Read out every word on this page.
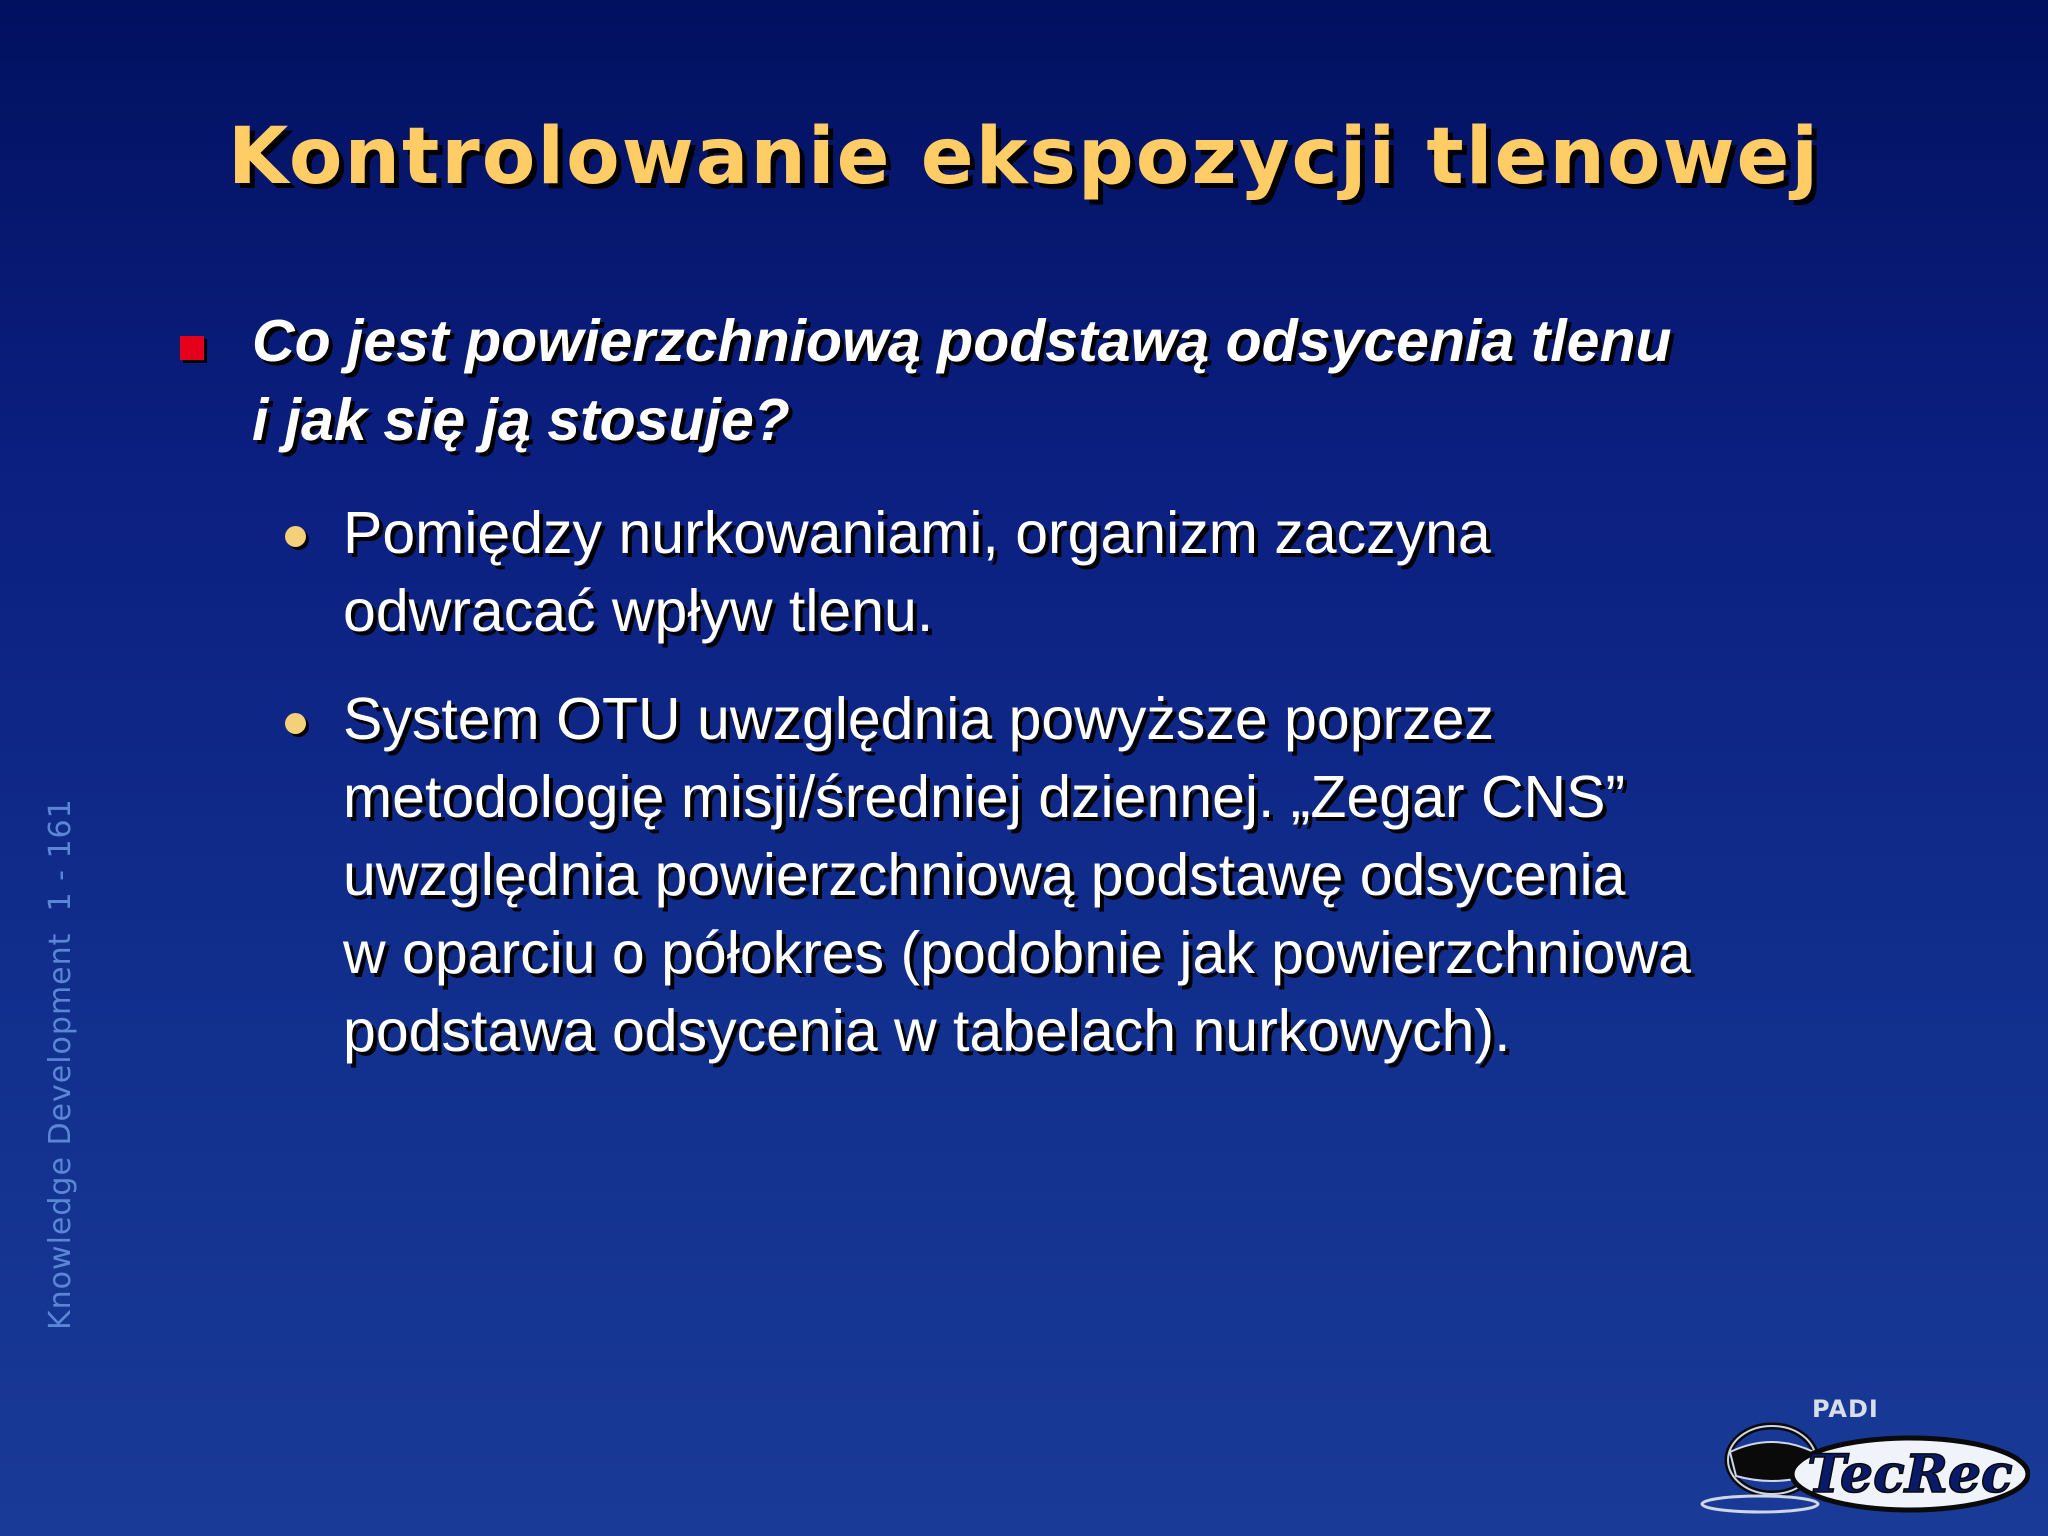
Kontrolowanie ekspozycji tlenowej

Co jest powierzchniową podstawą odsycenia tlenu
i jak się ją stosuje?

Pomiędzy nurkowaniami, organizm zaczyna
odwracać wpływ tlenu.

System OTU uwzględnia powyższe poprzez
metodologię misji/średniej dziennej. „Zegar CNS”
uwzględnia powierzchniową podstawę odsycenia
w oparciu o półokres (podobnie jak powierzchniowa
podstawa odsycenia w tabelach nurkowych).

Knowledge Development  1 - 161
PADI
TecRec
